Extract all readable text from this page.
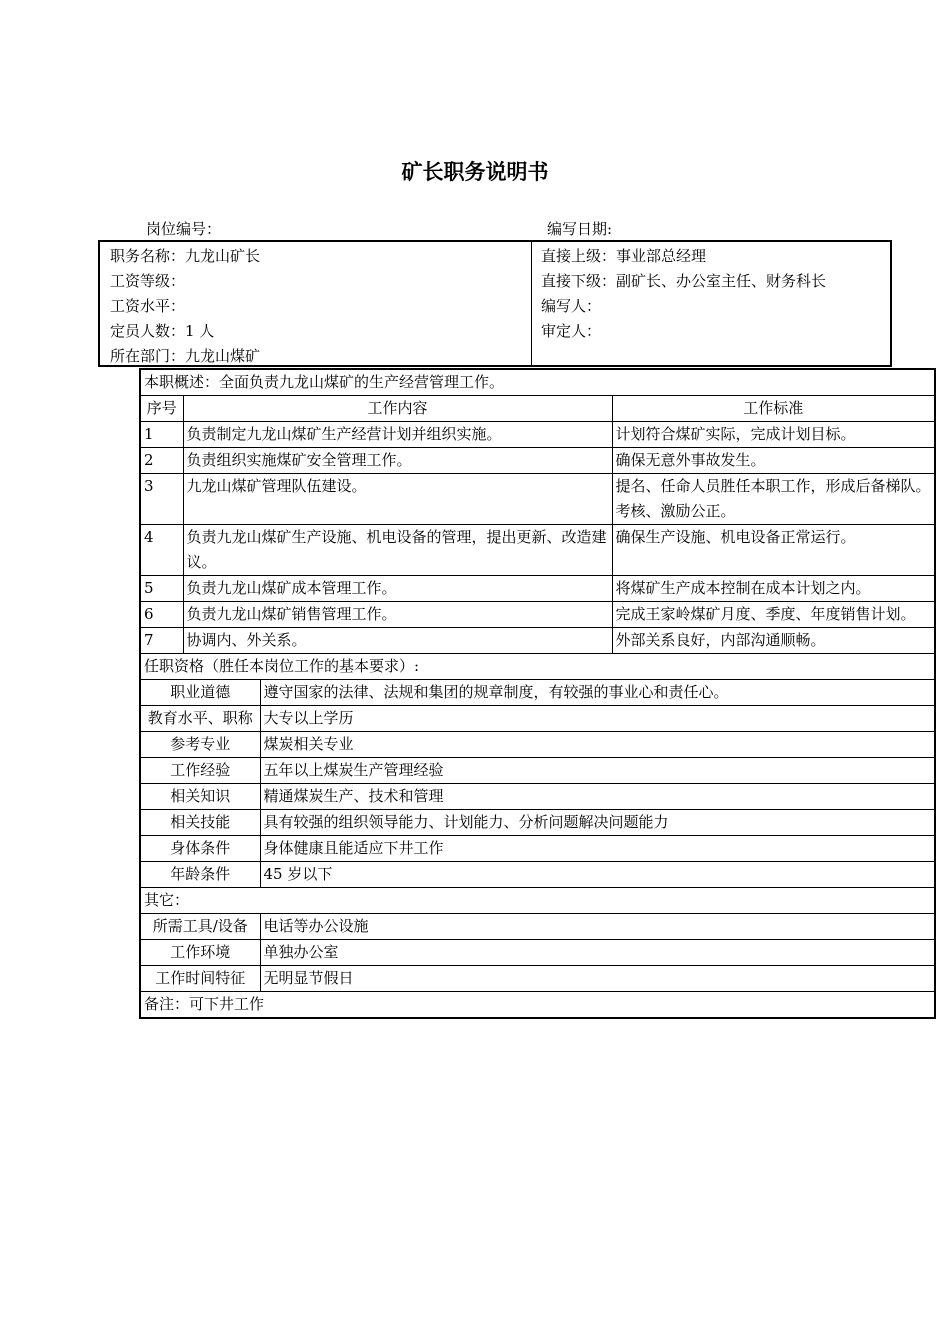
矿长职务说明书
岗位编号：	编写日期:
职务名称：九龙山矿长
工资等级：
工资水平：
定员人数：1 人
所在部门：九龙山煤矿
直接上级：事业部总经理
直接下级：副矿长、办公室主任、财务科长
编写人：
审定人：
本职概述：全面负责九龙山煤矿的生产经营管理工作。			
序号	工作内容		工作标准
1	负责制定九龙山煤矿生产经营计划并组织实施。		计划符合煤矿实际，完成计划目标。
2	负责组织实施煤矿安全管理工作。		确保无意外事故发生。
3	九龙山煤矿管理队伍建设。		提名、任命人员胜任本职工作，形成后备梯队。考核、激励公正。
4	负责九龙山煤矿生产设施、机电设备的管理，提出更新、改造建议。		确保生产设施、机电设备正常运行。
5	负责九龙山煤矿成本管理工作。		将煤矿生产成本控制在成本计划之内。
6	负责九龙山煤矿销售管理工作。		完成王家岭煤矿月度、季度、年度销售计划。
7	协调内、外关系。		外部关系良好，内部沟通顺畅。
任职资格（胜任本岗位工作的基本要求）:			
职业道德		遵守国家的法律、法规和集团的规章制度，有较强的事业心和责任心。	
教育水平、职称		大专以上学历	
参考专业		煤炭相关专业	
工作经验		五年以上煤炭生产管理经验	
相关知识		精通煤炭生产、技术和管理	
相关技能		具有较强的组织领导能力、计划能力、分析问题解决问题能力	
身体条件		身体健康且能适应下井工作	
年龄条件		45 岁以下	
其它：			
所需工具/设备		电话等办公设施	
工作环境		单独办公室	
工作时间特征		无明显节假日	
备注：可下井工作			
